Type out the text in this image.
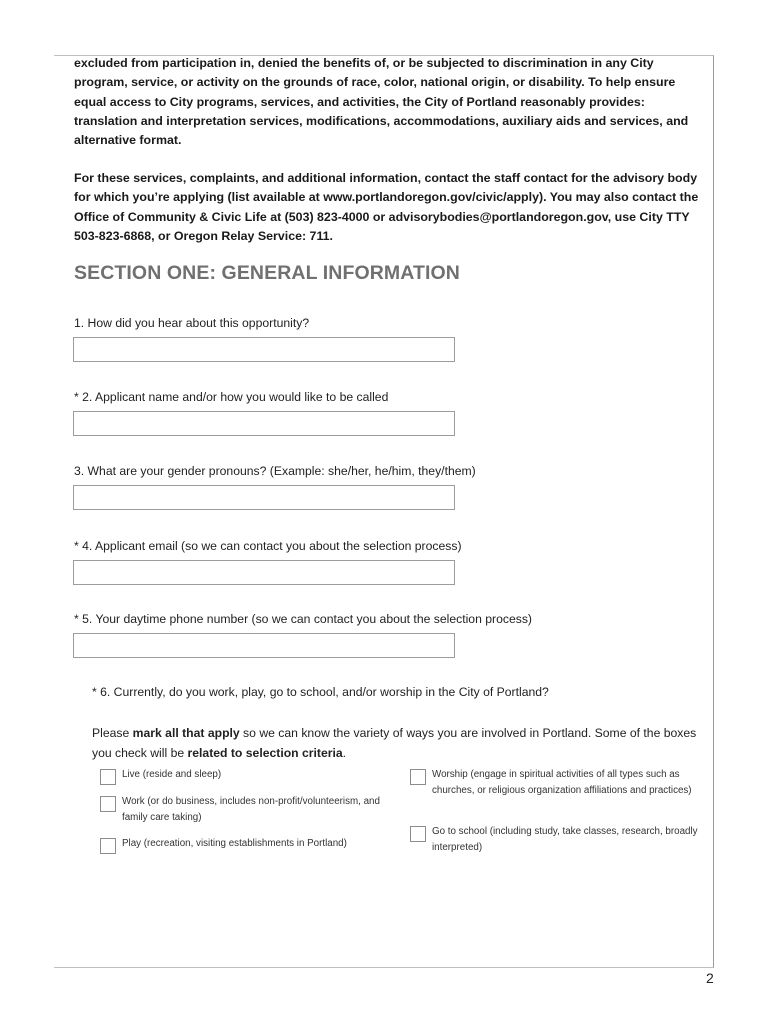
excluded from participation in, denied the benefits of, or be subjected to discrimination in any City program, service, or activity on the grounds of race, color, national origin, or disability. To help ensure equal access to City programs, services, and activities, the City of Portland reasonably provides: translation and interpretation services, modifications, accommodations, auxiliary aids and services, and alternative format.

For these services, complaints, and additional information, contact the staff contact for the advisory body for which you’re applying (list available at www.portlandoregon.gov/civic/apply). You may also contact the Office of Community & Civic Life at (503) 823-4000 or advisorybodies@portlandoregon.gov, use City TTY 503-823-6868, or Oregon Relay Service: 711.

SECTION ONE: GENERAL INFORMATION

1. How did you hear about this opportunity?

* 2. Applicant name and/or how you would like to be called

3. What are your gender pronouns? (Example: she/her, he/him, they/them)

* 4. Applicant email (so we can contact you about the selection process)

* 5. Your daytime phone number (so we can contact you about the selection process)

* 6. Currently, do you work, play, go to school, and/or worship in the City of Portland?

Please mark all that apply so we can know the variety of ways you are involved in Portland. Some of the boxes you check will be related to selection criteria.

Live (reside and sleep)
Work (or do business, includes non-profit/volunteerism, and family care taking)
Play (recreation, visiting establishments in Portland)
Worship (engage in spiritual activities of all types such as churches, or religious organization affiliations and practices)
Go to school (including study, take classes, research, broadly interpreted)

2
